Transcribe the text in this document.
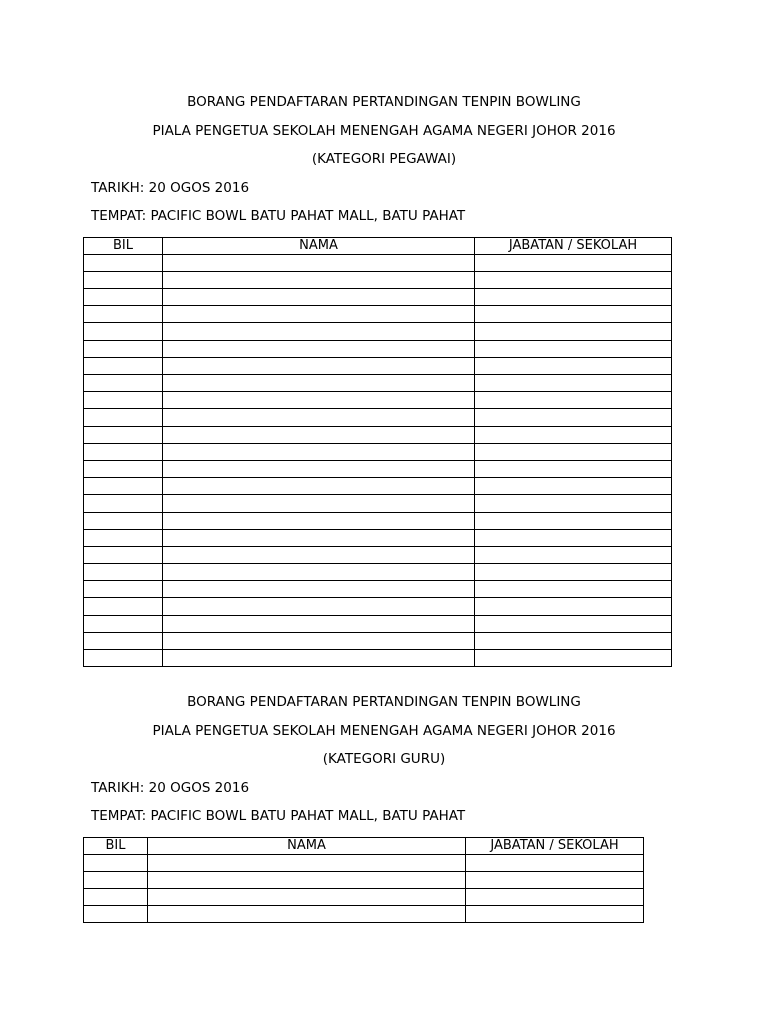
BORANG PENDAFTARAN PERTANDINGAN TENPIN BOWLING
PIALA PENGETUA SEKOLAH MENENGAH AGAMA NEGERI JOHOR 2016
(KATEGORI PEGAWAI)
TARIKH: 20 OGOS 2016
TEMPAT: PACIFIC BOWL BATU PAHAT MALL, BATU PAHAT
BIL	NAMA	JABATAN / SEKOLAH

BORANG PENDAFTARAN PERTANDINGAN TENPIN BOWLING
PIALA PENGETUA SEKOLAH MENENGAH AGAMA NEGERI JOHOR 2016
(KATEGORI GURU)
TARIKH: 20 OGOS 2016
TEMPAT: PACIFIC BOWL BATU PAHAT MALL, BATU PAHAT
BIL	NAMA	JABATAN / SEKOLAH
